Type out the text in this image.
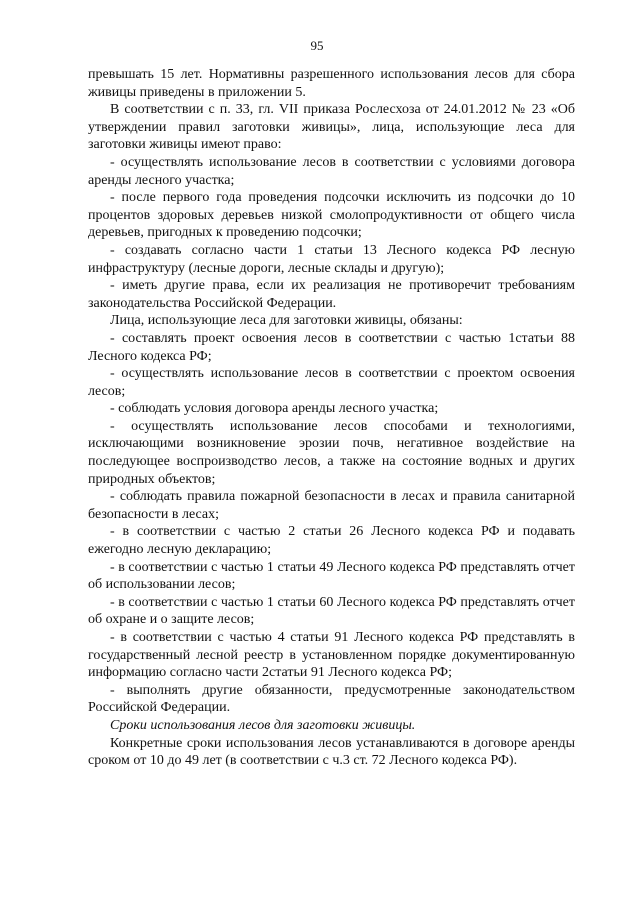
95

превышать 15 лет. Нормативны разрешенного использования лесов для сбора живицы приведены в приложении 5.

В соответствии с п. 33, гл. VII приказа Рослесхоза от 24.01.2012 № 23 «Об утверждении правил заготовки живицы», лица, использующие леса для заготовки живицы имеют право:

- осуществлять использование лесов в соответствии с условиями договора аренды лесного участка;

- после первого года проведения подсочки исключить из подсочки до 10 процентов здоровых деревьев низкой смолопродуктивности от общего числа деревьев, пригодных к проведению подсочки;

- создавать согласно части 1 статьи 13 Лесного кодекса РФ лесную инфраструктуру (лесные дороги, лесные склады и другую);

- иметь другие права, если их реализация не противоречит требованиям законодательства Российской Федерации.

Лица, использующие леса для заготовки живицы, обязаны:

- составлять проект освоения лесов в соответствии с частью 1статьи 88 Лесного кодекса РФ;

- осуществлять использование лесов в соответствии с проектом освоения лесов;

- соблюдать условия договора аренды лесного участка;

- осуществлять использование лесов способами и технологиями, исключающими возникновение эрозии почв, негативное воздействие на последующее воспроизводство лесов, а также на состояние водных и других природных объектов;

- соблюдать правила пожарной безопасности в лесах и правила санитарной безопасности в лесах;

- в соответствии с частью 2 статьи 26 Лесного кодекса РФ и подавать ежегодно лесную декларацию;

- в соответствии с частью 1 статьи 49 Лесного кодекса РФ представлять отчет об использовании лесов;

- в соответствии с частью 1 статьи 60 Лесного кодекса РФ представлять отчет об охране и о защите лесов;

- в соответствии с частью 4 статьи 91 Лесного кодекса РФ представлять в государственный лесной реестр в установленном порядке документированную информацию согласно части 2статьи 91 Лесного кодекса РФ;

- выполнять другие обязанности, предусмотренные законодательством Российской Федерации.

Сроки использования лесов для заготовки живицы.

Конкретные сроки использования лесов устанавливаются в договоре аренды сроком от 10 до 49 лет (в соответствии с ч.3 ст. 72 Лесного кодекса РФ).
